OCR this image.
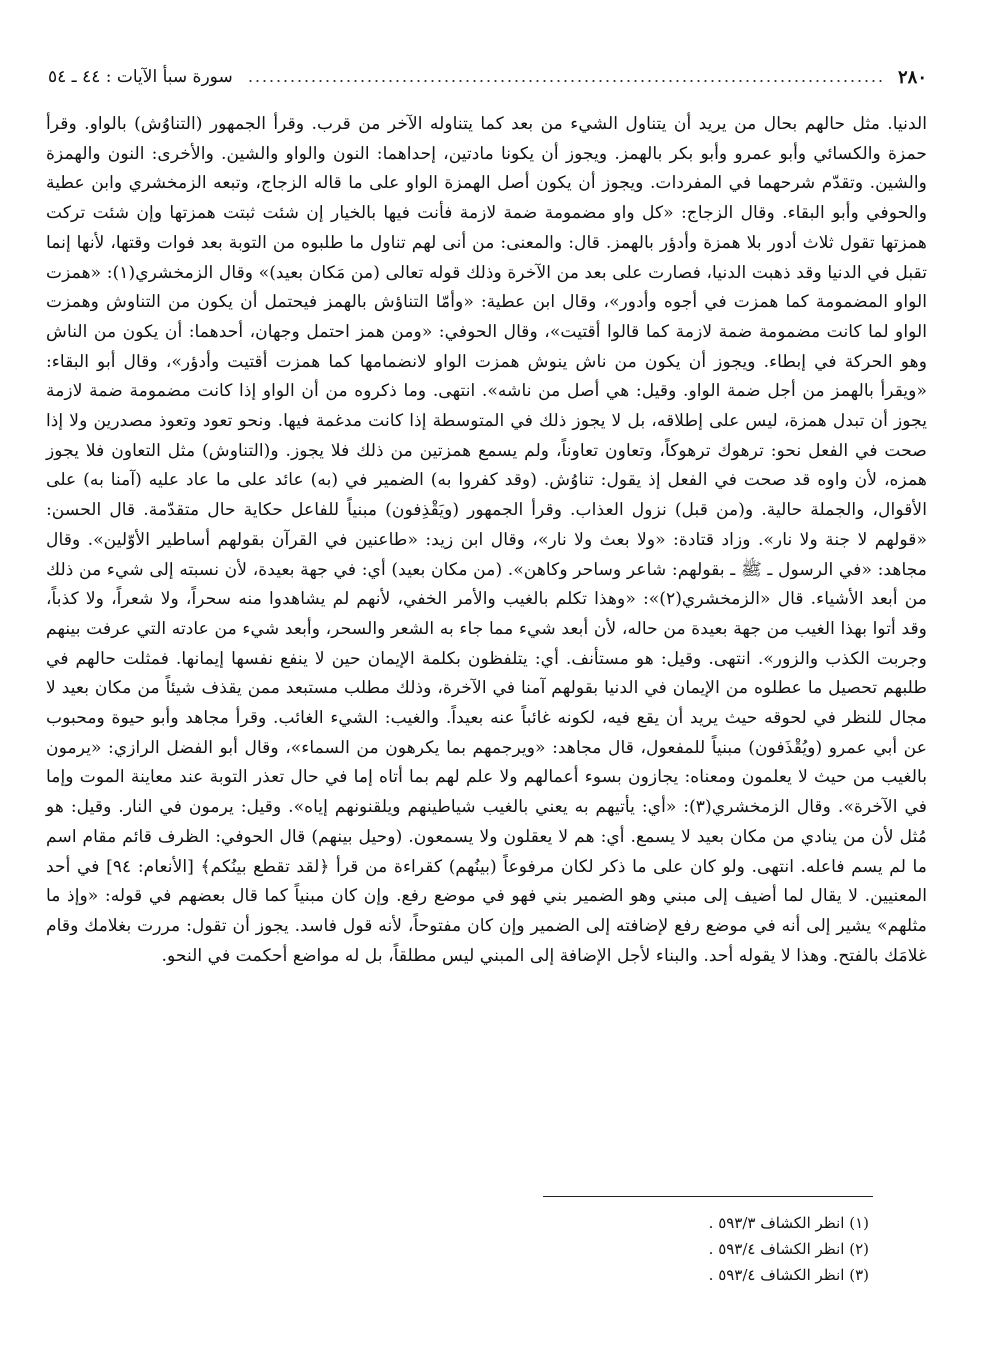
٢٨٠
سورة سبأ الآيات : ٤٤ ـ ٥٤

الدنيا. مثل حالهم بحال من يريد أن يتناول الشيء من بعد كما يتناوله الآخر من قرب. وقرأ الجمهور (التناوُش) بالواو. وقرأ حمزة والكسائي وأبو عمرو وأبو بكر بالهمز. ويجوز أن يكونا مادتين، إحداهما: النون والواو والشين. والأخرى: النون والهمزة والشين. وتقدّم شرحهما في المفردات. ويجوز أن يكون أصل الهمزة الواو على ما قاله الزجاج، وتبعه الزمخشري وابن عطية والحوفي وأبو البقاء. وقال الزجاج: «كل واو مضمومة ضمة لازمة فأنت فيها بالخيار إن شئت ثبتت همزتها وإن شئت تركت همزتها تقول ثلاث أدور بلا همزة وأدؤر بالهمز. قال: والمعنى: من أنى لهم تناول ما طلبوه من التوبة بعد فوات وقتها، لأنها إنما تقبل في الدنيا وقد ذهبت الدنيا، فصارت على بعد من الآخرة وذلك قوله تعالى (من مَكان بعيد)» وقال الزمخشري(١): «همزت الواو المضمومة كما همزت في أجوه وأدور»، وقال ابن عطية: «وأمّا التناؤش بالهمز فيحتمل أن يكون من التناوش وهمزت الواو لما كانت مضمومة ضمة لازمة كما قالوا أقتيت»، وقال الحوفي: «ومن همز احتمل وجهان، أحدهما: أن يكون من الناش وهو الحركة في إبطاء. ويجوز أن يكون من ناش ينوش همزت الواو لانضمامها كما همزت أقتيت وأدؤر»، وقال أبو البقاء: «ويقرأ بالهمز من أجل ضمة الواو. وقيل: هي أصل من ناشه». انتهى. وما ذكروه من أن الواو إذا كانت مضمومة ضمة لازمة يجوز أن تبدل همزة، ليس على إطلاقه، بل لا يجوز ذلك في المتوسطة إذا كانت مدغمة فيها. ونحو تعود وتعوذ مصدرين ولا إذا صحت في الفعل نحو: ترهوك ترهوكاً، وتعاون تعاوناً، ولم يسمع همزتين من ذلك فلا يجوز. و(التناوش) مثل التعاون فلا يجوز همزه، لأن واوه قد صحت في الفعل إذ يقول: تناوُش. (وقد كفروا به) الضمير في (به) عائد على ما عاد عليه (آمنا به) على الأقوال، والجملة حالية. و(من قبل) نزول العذاب. وقرأ الجمهور (ويَقْذِفون) مبنياً للفاعل حكاية حال متقدّمة. قال الحسن: «قولهم لا جنة ولا نار». وزاد قتادة: «ولا بعث ولا نار»، وقال ابن زيد: «طاعنين في القرآن بقولهم أساطير الأوّلين». وقال مجاهد: «في الرسول ـ ﷺ ـ بقولهم: شاعر وساحر وكاهن». (من مكان بعيد) أي: في جهة بعيدة، لأن نسبته إلى شيء من ذلك من أبعد الأشياء. قال «الزمخشري(٢)»: «وهذا تكلم بالغيب والأمر الخفي، لأنهم لم يشاهدوا منه سحراً، ولا شعراً، ولا كذباً، وقد أتوا بهذا الغيب من جهة بعيدة من حاله، لأن أبعد شيء مما جاء به الشعر والسحر، وأبعد شيء من عادته التي عرفت بينهم وجربت الكذب والزور». انتهى. وقيل: هو مستأنف. أي: يتلفظون بكلمة الإيمان حين لا ينفع نفسها إيمانها. فمثلت حالهم في طلبهم تحصيل ما عطلوه من الإيمان في الدنيا بقولهم آمنا في الآخرة، وذلك مطلب مستبعد ممن يقذف شيئاً من مكان بعيد لا مجال للنظر في لحوقه حيث يريد أن يقع فيه، لكونه غائباً عنه بعيداً. والغيب: الشيء الغائب. وقرأ مجاهد وأبو حيوة ومحبوب عن أبي عمرو (ويُقْذَفون) مبنياً للمفعول، قال مجاهد: «ويرجمهم بما يكرهون من السماء»، وقال أبو الفضل الرازي: «يرمون بالغيب من حيث لا يعلمون ومعناه: يجازون بسوء أعمالهم ولا علم لهم بما أتاه إما في حال تعذر التوبة عند معاينة الموت وإما في الآخرة». وقال الزمخشري(٣): «أي: يأتيهم به يعني بالغيب شياطينهم ويلقنونهم إياه». وقيل: يرمون في النار. وقيل: هو مُثل لأن من ينادي من مكان بعيد لا يسمع. أي: هم لا يعقلون ولا يسمعون. (وحيل بينهم) قال الحوفي: الظرف قائم مقام اسم ما لم يسم فاعله. انتهى. ولو كان على ما ذكر لكان مرفوعاً (بينُهم) كقراءة من قرأ ﴿لقد تقطع بينُكم﴾ [الأنعام: ٩٤] في أحد المعنيين. لا يقال لما أضيف إلى مبني وهو الضمير بني فهو في موضع رفع. وإن كان مبنياً كما قال بعضهم في قوله: «وإذ ما مثلهم» يشير إلى أنه في موضع رفع لإضافته إلى الضمير وإن كان مفتوحاً، لأنه قول فاسد. يجوز أن تقول: مررت بغلامك وقام غلامَك بالفتح. وهذا لا يقوله أحد. والبناء لأجل الإضافة إلى المبني ليس مطلقاً، بل له مواضع أحكمت في النحو.

(١) انظر الكشاف ٥٩٣/٣ .
(٢) انظر الكشاف ٥٩٣/٤ .
(٣) انظر الكشاف ٥٩٣/٤ .
